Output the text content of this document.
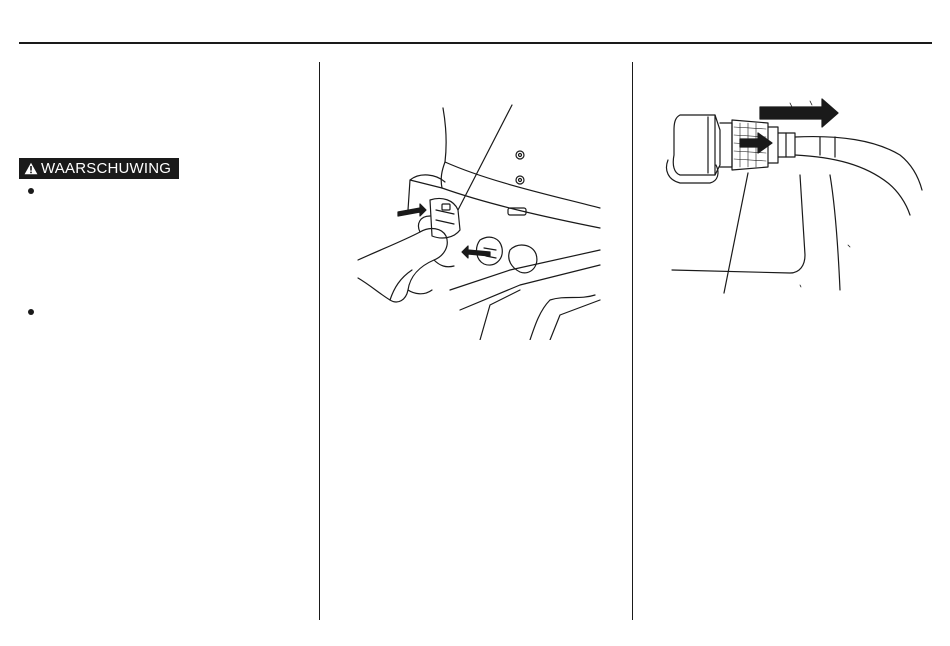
WAARSCHUWING
